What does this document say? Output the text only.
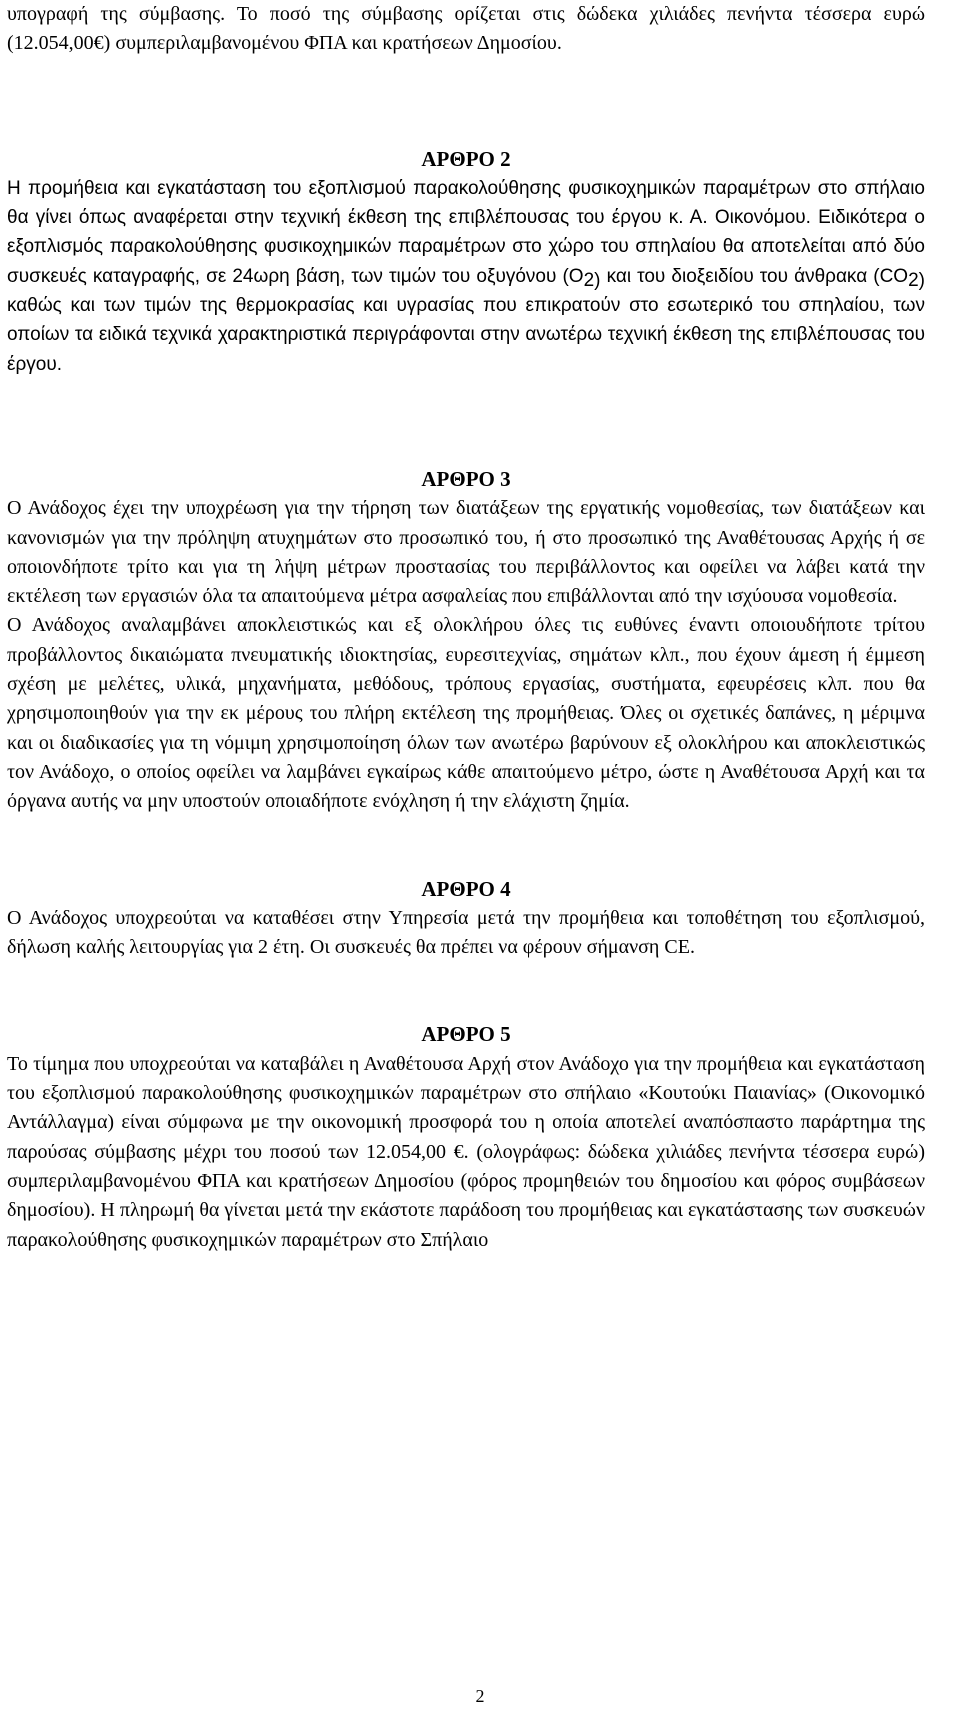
υπογραφή της σύμβασης. Το ποσό της σύμβασης ορίζεται στις δώδεκα χιλιάδες πενήντα τέσσερα ευρώ (12.054,00€) συμπεριλαμβανομένου ΦΠΑ και κρατήσεων Δημοσίου.

ΑΡΘΡΟ 2

Η προμήθεια και εγκατάσταση του εξοπλισμού παρακολούθησης φυσικοχημικών παραμέτρων στο σπήλαιο θα γίνει όπως αναφέρεται στην τεχνική έκθεση της επιβλέπουσας του έργου κ. Α. Οικονόμου. Ειδικότερα ο εξοπλισμός παρακολούθησης φυσικοχημικών παραμέτρων στο χώρο του σπηλαίου θα αποτελείται από δύο συσκευές καταγραφής, σε 24ωρη βάση, των τιμών του οξυγόνου ($O_{2)}$ και του διοξειδίου του άνθρακα ($CO_{2)}$ καθώς και των τιμών της θερμοκρασίας και υγρασίας που επικρατούν στο εσωτερικό του σπηλαίου, των οποίων τα ειδικά τεχνικά χαρακτηριστικά περιγράφονται στην ανωτέρω τεχνική έκθεση της επιβλέπουσας του έργου.

ΑΡΘΡΟ 3

Ο Ανάδοχος έχει την υποχρέωση για την τήρηση των διατάξεων της εργατικής νομοθεσίας, των διατάξεων και κανονισμών για την πρόληψη ατυχημάτων στο προσωπικό του, ή στο προσωπικό της Αναθέτουσας Αρχής ή σε οποιονδήποτε τρίτο και για τη λήψη μέτρων προστασίας του περιβάλλοντος και οφείλει να λάβει κατά την εκτέλεση των εργασιών όλα τα απαιτούμενα μέτρα ασφαλείας που επιβάλλονται από την ισχύουσα νομοθεσία.

Ο Ανάδοχος αναλαμβάνει αποκλειστικώς και εξ ολοκλήρου όλες τις ευθύνες έναντι οποιουδήποτε τρίτου προβάλλοντος δικαιώματα πνευματικής ιδιοκτησίας, ευρεσιτεχνίας, σημάτων κλπ., που έχουν άμεση ή έμμεση σχέση με μελέτες, υλικά, μηχανήματα, μεθόδους, τρόπους εργασίας, συστήματα, εφευρέσεις κλπ. που θα χρησιμοποιηθούν για την εκ μέρους του πλήρη εκτέλεση της προμήθειας. Όλες οι σχετικές δαπάνες, η μέριμνα και οι διαδικασίες για τη νόμιμη χρησιμοποίηση όλων των ανωτέρω βαρύνουν εξ ολοκλήρου και αποκλειστικώς τον Ανάδοχο, ο οποίος οφείλει να λαμβάνει εγκαίρως κάθε απαιτούμενο μέτρο, ώστε η Αναθέτουσα Αρχή και τα όργανα αυτής να μην υποστούν οποιαδήποτε ενόχληση ή την ελάχιστη ζημία.

ΑΡΘΡΟ 4

Ο Ανάδοχος υποχρεούται να καταθέσει στην Υπηρεσία μετά την προμήθεια και τοποθέτηση του εξοπλισμού, δήλωση καλής λειτουργίας για 2 έτη. Οι συσκευές θα πρέπει να φέρουν σήμανση CE.

ΑΡΘΡΟ 5

Το τίμημα που υποχρεούται να καταβάλει η Αναθέτουσα Αρχή στον Ανάδοχο για την προμήθεια και εγκατάσταση του εξοπλισμού παρακολούθησης φυσικοχημικών παραμέτρων στο σπήλαιο «Κουτούκι Παιανίας» (Οικονομικό Αντάλλαγμα) είναι σύμφωνα με την οικονομική προσφορά του η οποία αποτελεί αναπόσπαστο παράρτημα της παρούσας σύμβασης μέχρι του ποσού των 12.054,00 €. (ολογράφως: δώδεκα χιλιάδες πενήντα τέσσερα ευρώ) συμπεριλαμβανομένου ΦΠΑ και κρατήσεων Δημοσίου (φόρος προμηθειών του δημοσίου και φόρος συμβάσεων δημοσίου). Η πληρωμή θα γίνεται μετά την εκάστοτε παράδοση του προμήθειας και εγκατάστασης των συσκευών παρακολούθησης φυσικοχημικών παραμέτρων στο Σπήλαιο

2
